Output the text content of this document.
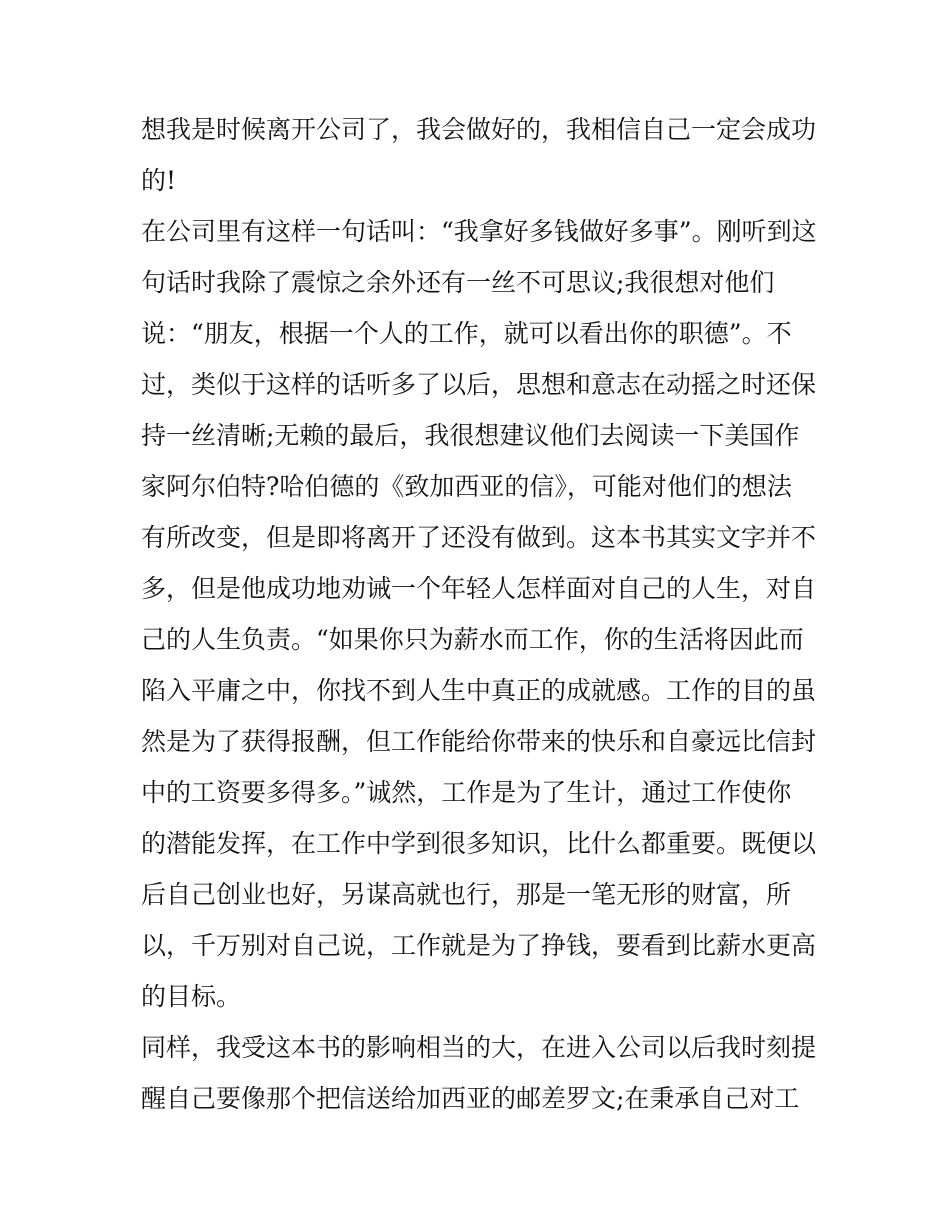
想我是时候离开公司了，我会做好的，我相信自己一定会成功
的!
在公司里有这样一句话叫：“我拿好多钱做好多事”。刚听到这
句话时我除了震惊之余外还有一丝不可思议;我很想对他们
说：“朋友，根据一个人的工作，就可以看出你的职德”。不
过，类似于这样的话听多了以后，思想和意志在动摇之时还保
持一丝清晰;无赖的最后，我很想建议他们去阅读一下美国作
家阿尔伯特?哈伯德的《致加西亚的信》，可能对他们的想法
有所改变，但是即将离开了还没有做到。这本书其实文字并不
多，但是他成功地劝诫一个年轻人怎样面对自己的人生，对自
己的人生负责。“如果你只为薪水而工作，你的生活将因此而
陷入平庸之中，你找不到人生中真正的成就感。工作的目的虽
然是为了获得报酬，但工作能给你带来的快乐和自豪远比信封
中的工资要多得多。”诚然，工作是为了生计，通过工作使你
的潜能发挥，在工作中学到很多知识，比什么都重要。既便以
后自己创业也好，另谋高就也行，那是一笔无形的财富，所
以，千万别对自己说，工作就是为了挣钱，要看到比薪水更高
的目标。
同样，我受这本书的影响相当的大，在进入公司以后我时刻提
醒自己要像那个把信送给加西亚的邮差罗文;在秉承自己对工
